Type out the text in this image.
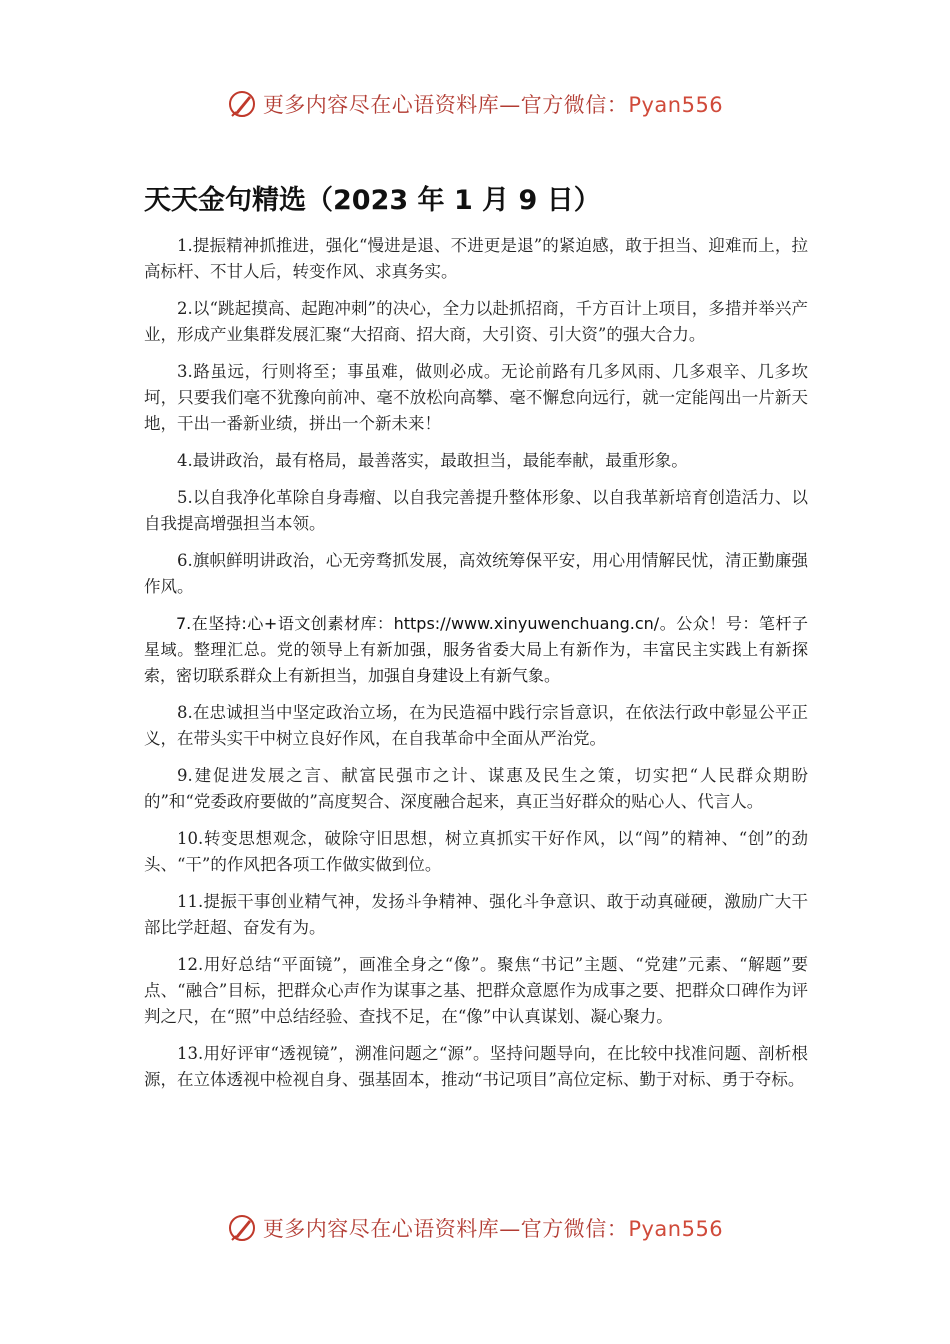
更多内容尽在心语资料库—官方微信：Pyan556
天天金句精选（2023 年 1 月 9 日）

1.提振精神抓推进，强化“慢进是退、不进更是退”的紧迫感，敢于担当、迎难而上，拉高标杆、不甘人后，转变作风、求真务实。

2.以“跳起摸高、起跑冲刺”的决心，全力以赴抓招商，千方百计上项目，多措并举兴产业，形成产业集群发展汇聚“大招商、招大商，大引资、引大资”的强大合力。

3.路虽远，行则将至；事虽难，做则必成。无论前路有几多风雨、几多艰辛、几多坎坷，只要我们毫不犹豫向前冲、毫不放松向高攀、毫不懈怠向远行，就一定能闯出一片新天地，干出一番新业绩，拼出一个新未来！

4.最讲政治，最有格局，最善落实，最敢担当，最能奉献，最重形象。

5.以自我净化革除自身毒瘤、以自我完善提升整体形象、以自我革新培育创造活力、以自我提高增强担当本领。

6.旗帜鲜明讲政治，心无旁骛抓发展，高效统筹保平安，用心用情解民忧，清正勤廉强作风。

7.在坚持:心+语文创素材库：https://www.xinyuwenchuang.cn/。公众！号：笔杆子星域。整理汇总。党的领导上有新加强，服务省委大局上有新作为，丰富民主实践上有新探索，密切联系群众上有新担当，加强自身建设上有新气象。

8.在忠诚担当中坚定政治立场，在为民造福中践行宗旨意识，在依法行政中彰显公平正义，在带头实干中树立良好作风，在自我革命中全面从严治党。

9.建促进发展之言、献富民强市之计、谋惠及民生之策，切实把“人民群众期盼的”和“党委政府要做的”高度契合、深度融合起来，真正当好群众的贴心人、代言人。

10.转变思想观念，破除守旧思想，树立真抓实干好作风，以“闯”的精神、“创”的劲头、“干”的作风把各项工作做实做到位。

11.提振干事创业精气神，发扬斗争精神、强化斗争意识、敢于动真碰硬，激励广大干部比学赶超、奋发有为。

12.用好总结“平面镜”，画准全身之“像”。聚焦“书记”主题、“党建”元素、“解题”要点、“融合”目标，把群众心声作为谋事之基、把群众意愿作为成事之要、把群众口碑作为评判之尺，在“照”中总结经验、查找不足，在“像”中认真谋划、凝心聚力。

13.用好评审“透视镜”，溯准问题之“源”。坚持问题导向，在比较中找准问题、剖析根源，在立体透视中检视自身、强基固本，推动“书记项目”高位定标、勤于对标、勇于夺标。

更多内容尽在心语资料库—官方微信：Pyan556
